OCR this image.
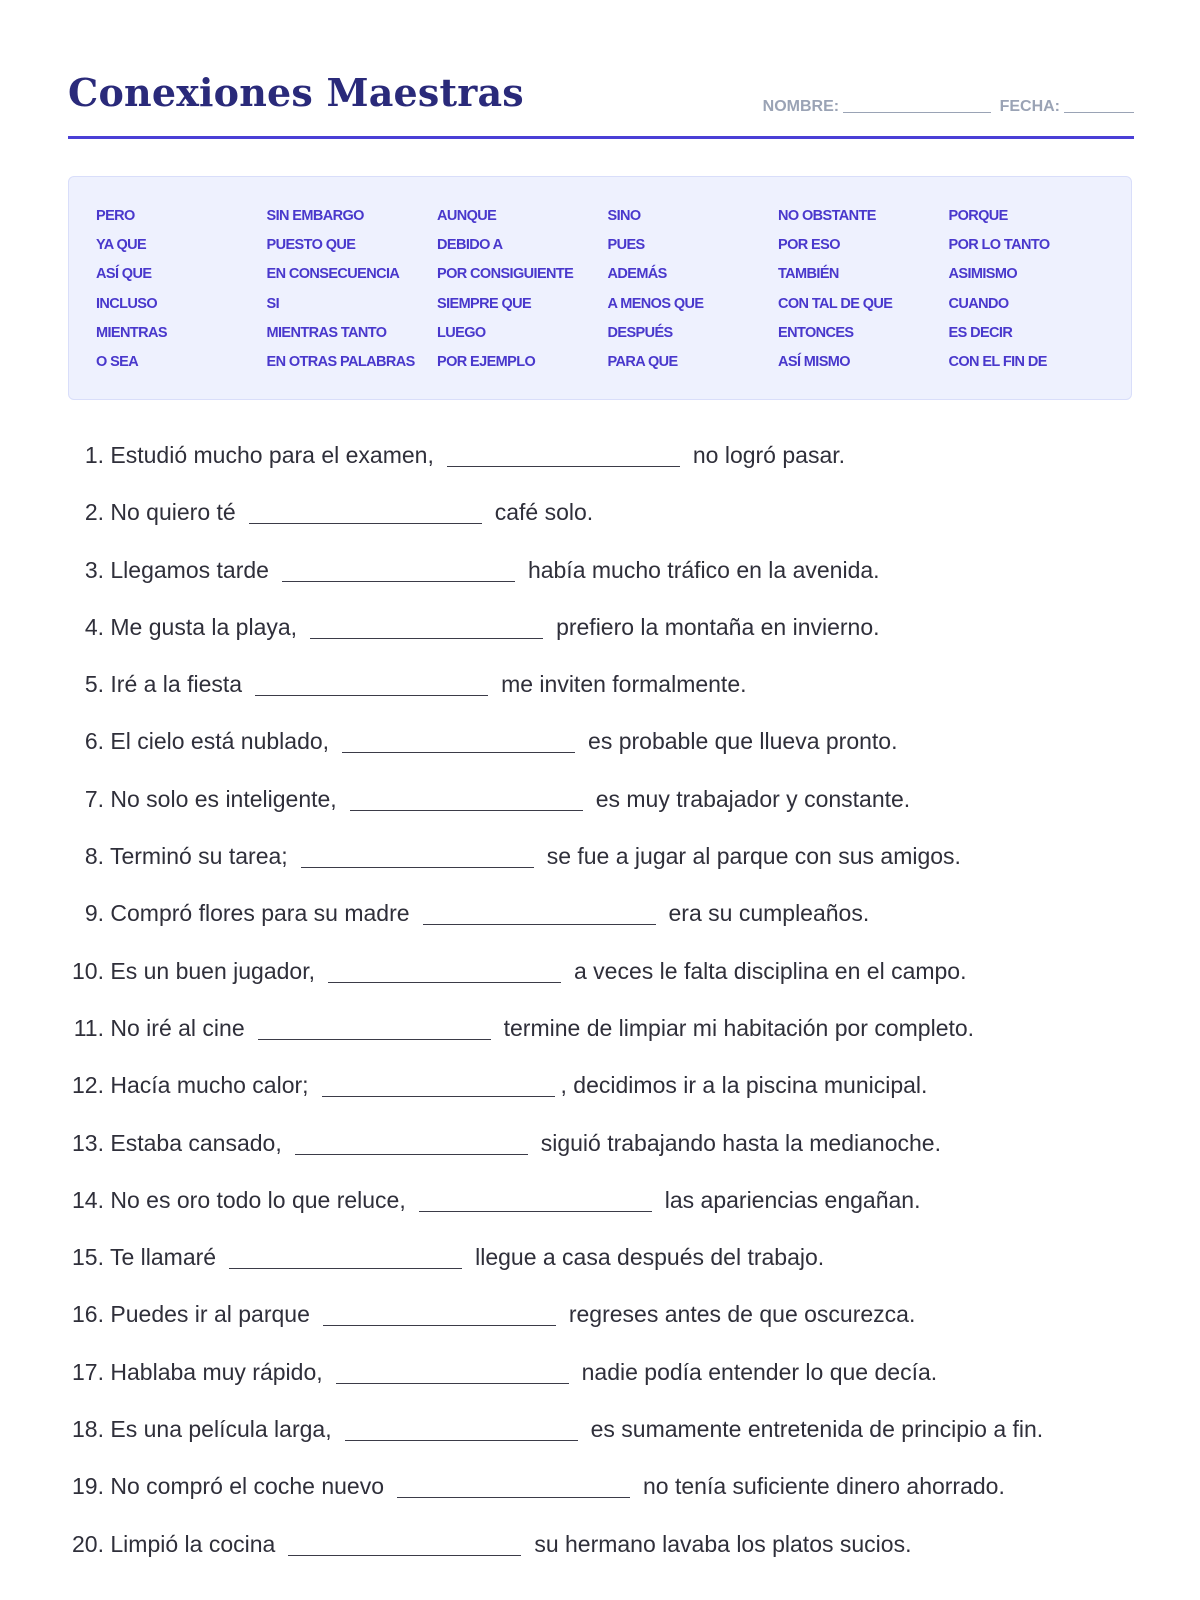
Conexiones Maestras	NOMBRE:	FECHA:
PERO	SIN EMBARGO	AUNQUE	SINO	NO OBSTANTE	PORQUE
YA QUE	PUESTO QUE	DEBIDO A	PUES	POR ESO	POR LO TANTO
ASÍ QUE	EN CONSECUENCIA	POR CONSIGUIENTE	ADEMÁS	TAMBIÉN	ASIMISMO
INCLUSO	SI	SIEMPRE QUE	A MENOS QUE	CON TAL DE QUE	CUANDO
MIENTRAS	MIENTRAS TANTO	LUEGO	DESPUÉS	ENTONCES	ES DECIR
O SEA	EN OTRAS PALABRAS	POR EJEMPLO	PARA QUE	ASÍ MISMO	CON EL FIN DE
1. Estudió mucho para el examen,	no logró pasar.
2. No quiero té	café solo.
3. Llegamos tarde	había mucho tráfico en la avenida.
4. Me gusta la playa,	prefiero la montaña en invierno.
5. Iré a la fiesta	me inviten formalmente.
6. El cielo está nublado,	es probable que llueva pronto.
7. No solo es inteligente,	es muy trabajador y constante.
8. Terminó su tarea;	se fue a jugar al parque con sus amigos.
9. Compró flores para su madre	era su cumpleaños.
10. Es un buen jugador,	a veces le falta disciplina en el campo.
11. No iré al cine	termine de limpiar mi habitación por completo.
12. Hacía mucho calor;	, decidimos ir a la piscina municipal.
13. Estaba cansado,	siguió trabajando hasta la medianoche.
14. No es oro todo lo que reluce,	las apariencias engañan.
15. Te llamaré	llegue a casa después del trabajo.
16. Puedes ir al parque	regreses antes de que oscurezca.
17. Hablaba muy rápido,	nadie podía entender lo que decía.
18. Es una película larga,	es sumamente entretenida de principio a fin.
19. No compró el coche nuevo	no tenía suficiente dinero ahorrado.
20. Limpió la cocina	su hermano lavaba los platos sucios.
